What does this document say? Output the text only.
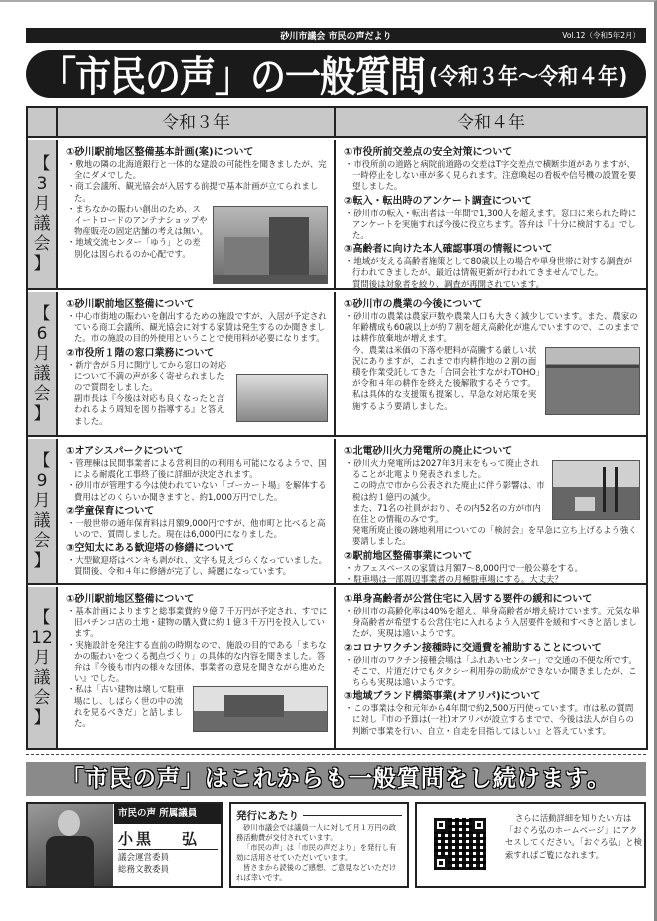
砂川市議会 市民の声だより	Vol.12（令和5年2月）
「市民の声」の一般質問 (令和３年～令和４年)
令和３年	令和４年
【
3
月
議
会
】
①砂川駅前地区整備基本計画(案)について

・敷地の隣の北海道銀行と一体的な建設の可能性を聞きましたが、完全にダメでした。

・商工会議所、観光協会が入居する前提で基本計画が立てられました。

・まちなかの賑わい創出のため、スイートロードのアンテナショップや物産販売の固定店舗の考えは無い。

・地域交流センター「ゆう」との差別化は図られるのか心配です。

①市役所前交差点の安全対策について

・市役所前の道路と病院前道路の交差はT字交差点で横断歩道がありますが、一時停止をしない車が多く見られます。注意喚起の看板や信号機の設置を要望しました。

②転入・転出時のアンケート調査について

・砂川市の転入・転出者は一年間で1,300人を超えます。窓口に来られた時にアンケートを実施すれば今後に役立ちます。答弁は『十分に検討する』でした。

③高齢者に向けた本人確認事項の情報について

・地域が支える高齢者施策として80歳以上の場合や単身世帯に対する調査が行われてきましたが、最近は情報更新が行われてきませんでした。

質問後は対象者を絞り、調査が再開されています。

【
6
月
議
会
】
①砂川駅前地区整備について

・中心市街地の賑わいを創出するための施設ですが、入居が予定されている商工会議所、観光協会に対する家賃は発生するのか聞きました。市の施設の目的外使用ということで使用料が必要になります。

②市役所１階の窓口業務について

・新庁舎が５月に開庁してから窓口の対応について不満の声が多く寄せられましたので質問をしました。

副市長は『今後は対応も良くなったと言われるよう周知を図り指導する』と答えました。

①砂川市の農業の今後について

・砂川市の農業は農家戸数や農業人口も大きく減少しています。また、農家の年齢構成も60歳以上が約７割を超え高齢化が進んでいますので、このままでは耕作放棄地が増えます。

今、農業は米価の下落や肥料が高騰する厳しい状況にありますが、これまで市内耕作地の２割の面積を作業受託してきた「合同会社すながわTOHO」が令和４年の耕作を終えた後解散するそうです。

私は具体的な支援策も提案し、早急な対応策を実施するよう要請しました。

【
9
月
議
会
】
①オアシスパークについて

・管理棟は民間事業者による営利目的の利用も可能になるようで、国による耐震化工事終了後に詳細が決定されます。

・砂川市が管理する今は使われていない「ゴーカート場」を解体する費用はどのくらいか聞きますと、約1,000万円でした。

②学童保育について

・一般世帯の通年保育料は月額9,000円ですが、他市町と比べると高いので、質問しました。現在は6,000円になりました。

③空知太にある歓迎塔の修繕について

・大型歓迎塔はペンキも剥がれ、文字も見えづらくなっていました。

質問後、令和４年に修繕が完了し、綺麗になっています。

①北電砂川火力発電所の廃止について

・砂川火力発電所は2027年3月末をもって廃止されることが北電より発表されました。

この時点で市から公表された廃止に伴う影響は、市税は約１億円の減少。

また、71名の社員がおり、その内52名の方が市内在住との情報のみです。

発電所廃止後の跡地利用についての「検討会」を早急に立ち上げるよう強く要請しました。

②駅前地区整備事業について

・カフェスペースの家賃は月額7～8,000円で一般公募をする。

・駐車場は一部周辺事業者の月極駐車場にする。大丈夫？

【
12
月
議
会
】
①砂川駅前地区整備について

・基本計画によりますと総事業費約９億７千万円が予定され、すでに旧パチンコ店の土地・建物の購入費に約１億３千万円を投入しています。

・実施設計を発注する直前の時期なので、施設の目的である「まちなかの賑わいをつくる拠点づくり」の具体的な内容を聞きました。答弁は『今後も市内の様々な団体、事業者の意見を聞きながら進めたい』でした。

・私は「古い建物は壊して駐車場にし、しばらく世の中の流れを見るべきだ」と話しました。

①単身高齢者が公営住宅に入居する要件の緩和について

・砂川市の高齢化率は40%を超え、単身高齢者が増え続けています。元気な単身高齢者が希望する公営住宅に入れるよう入居要件を緩和すべきと話しましたが、実現は遠いようです。

②コロナワクチン接種時に交通費を補助することについて

・砂川市のワクチン接種会場は「ふれあいセンター」で交通の不便な所です。そこで、片道だけでもタクシー利用券の助成ができないか聞きましたが、こちらも実現は遠いようです。

③地域ブランド構築事業(オアリパ)について

・この事業は令和元年から4年間で約2,500万円使っています。市は私の質問に対し『市の予算は(一社)オアリパが設立するまでで、今後は法人が自らの判断で事業を行い、自立・自走を目指してほしい』と答えています。

「市民の声」はこれからも一般質問をし続けます。
市民の声 所属議員
小黒 弘
議会運営委員
総務文教委員
発行にあたり

砂川市議会では議員一人に対して月１万円の政務活動費が交付されています。

「市民の声」は「市民の声だより」を発行し有効に活用させていただいています。

皆さまから読後のご感想、ご意見などいただければ幸いです。

さらに活動詳細を知りたい方は「おぐろ弘のホームページ」にアクセスしてください。「おぐろ弘」と検索すればご覧になれます。
